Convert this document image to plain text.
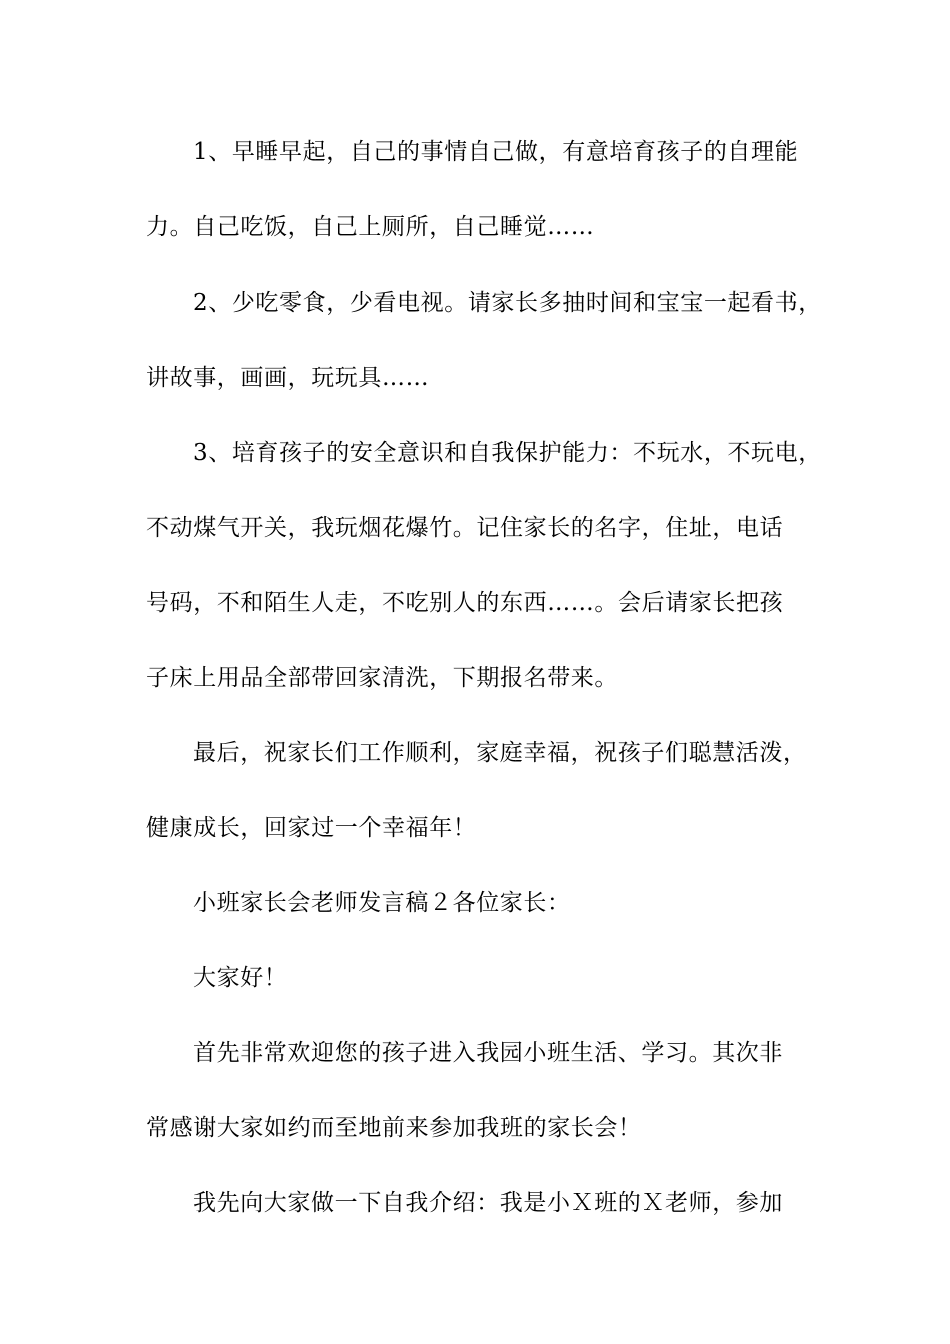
1、早睡早起，自己的事情自己做，有意培育孩子的自理能
力。自己吃饭，自己上厕所，自己睡觉……
2、少吃零食，少看电视。请家长多抽时间和宝宝一起看书，
讲故事，画画，玩玩具……
3、培育孩子的安全意识和自我保护能力：不玩水，不玩电，
不动煤气开关，我玩烟花爆竹。记住家长的名字，住址，电话
号码，不和陌生人走，不吃别人的东西……。会后请家长把孩
子床上用品全部带回家清洗，下期报名带来。
最后，祝家长们工作顺利，家庭幸福，祝孩子们聪慧活泼，
健康成长，回家过一个幸福年！
小班家长会老师发言稿２各位家长：
大家好！
首先非常欢迎您的孩子进入我园小班生活、学习。其次非
常感谢大家如约而至地前来参加我班的家长会！
我先向大家做一下自我介绍：我是小Ｘ班的Ｘ老师，参加
